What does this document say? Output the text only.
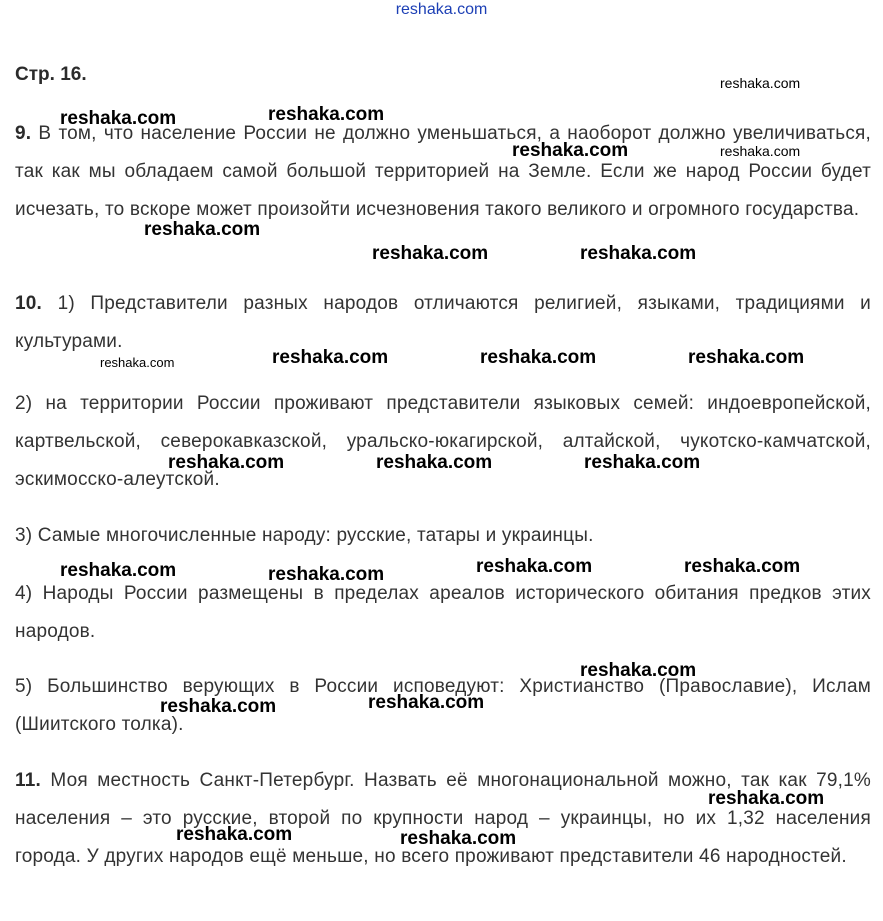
reshaka.com
Стр. 16.
9. В том, что население России не должно уменьшаться, а наоборот должно увеличиваться, так как мы обладаем самой большой территорией на Земле. Если же народ России будет исчезать, то вскоре может произойти исчезновения такого великого и огромного государства.
10. 1) Представители разных народов отличаются религией, языками, традициями и культурами.
2) на территории России проживают представители языковых семей: индоевропейской, картвельской, северокавказской, уральско-юкагирской, алтайской, чукотско-камчатской, эскимосско-алеутской.
3) Самые многочисленные народу: русские, татары и украинцы.
4) Народы России размещены в пределах ареалов исторического обитания предков этих народов.
5) Большинство верующих в России исповедуют: Христианство (Православие), Ислам (Шиитского толка).
11. Моя местность Санкт-Петербург. Назвать её многонациональной можно, так как 79,1% населения – это русские, второй по крупности народ – украинцы, но их 1,32 населения города. У других народов ещё меньше, но всего проживают представители 46 народностей.
reshaka.com
reshaka.com	reshaka.com
reshaka.com	reshaka.com
reshaka.com
reshaka.com	reshaka.com
reshaka.com	reshaka.com	reshaka.com	reshaka.com
reshaka.com	reshaka.com	reshaka.com
reshaka.com	reshaka.com	reshaka.com	reshaka.com
reshaka.com
reshaka.com	reshaka.com
reshaka.com
reshaka.com	reshaka.com
